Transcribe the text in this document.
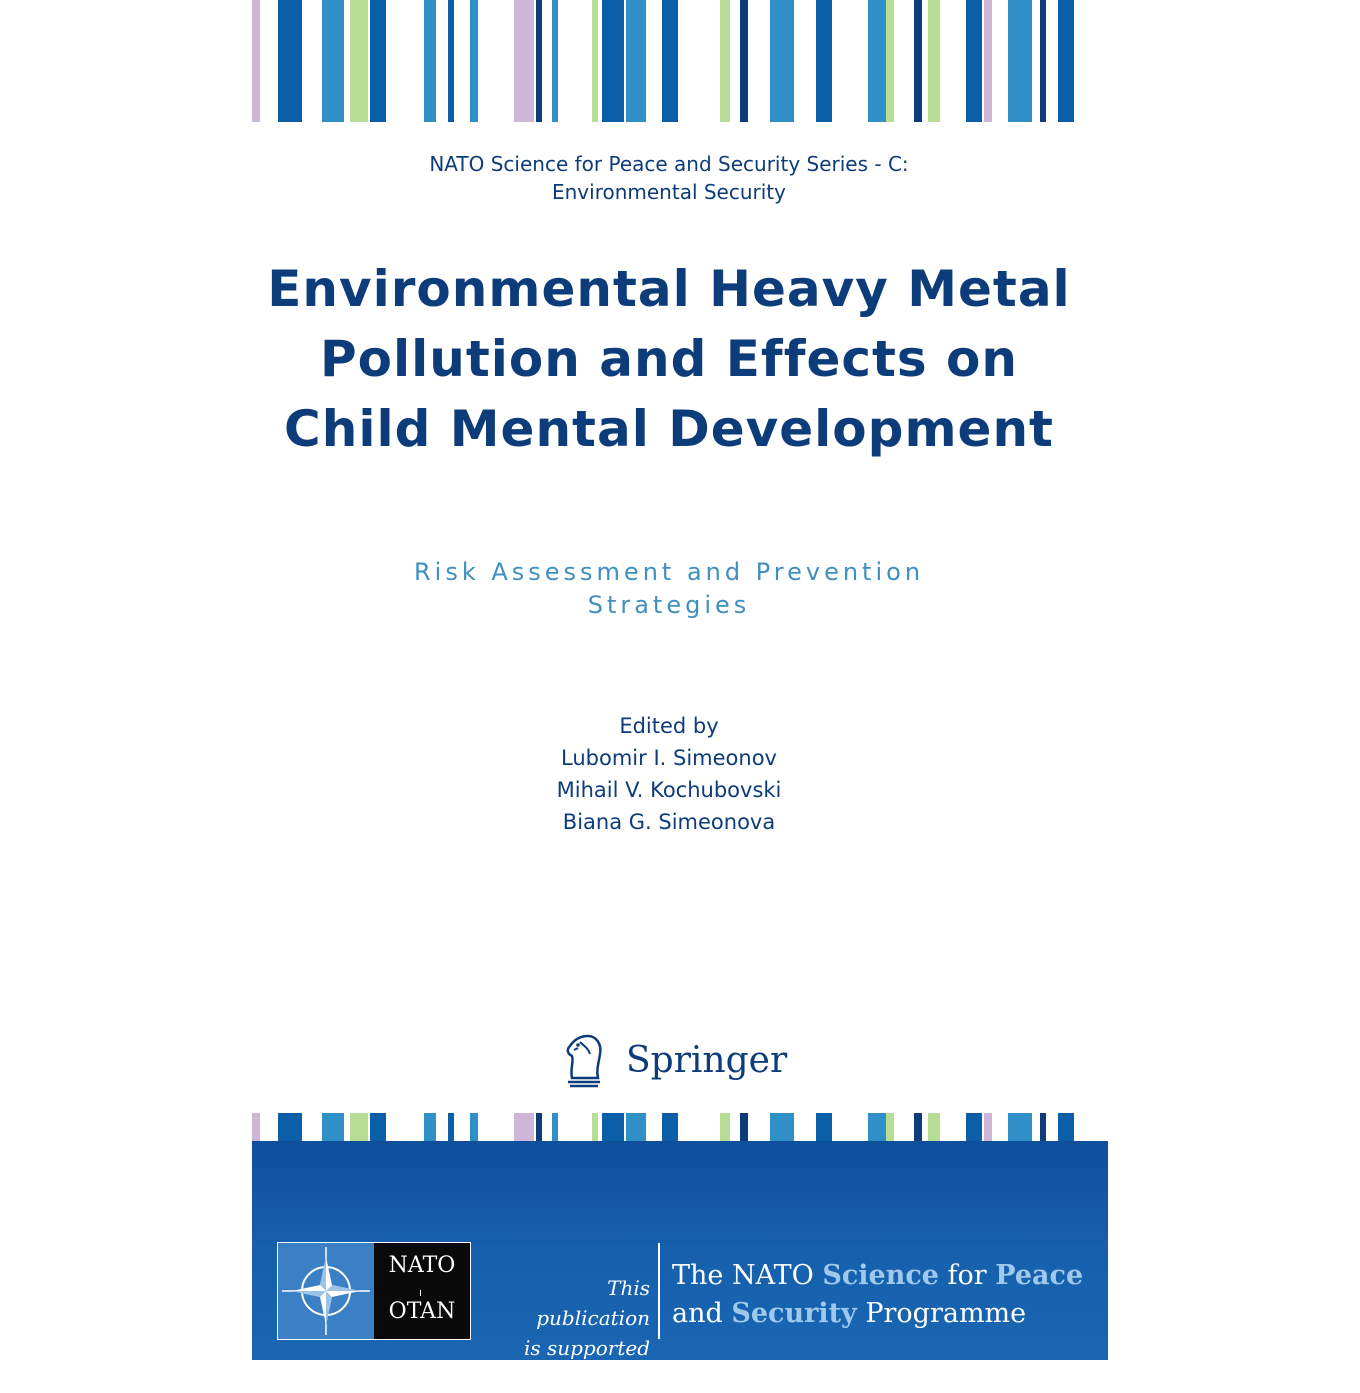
NATO Science for Peace and Security Series - C:
Environmental Security
Environmental Heavy Metal
Pollution and Effects on
Child Mental Development
Risk Assessment and Prevention
Strategies
Edited by
Lubomir I. Simeonov
Mihail V. Kochubovski
Biana G. Simeonova
Springer
NATO
OTAN
This publication
is supported by:
The NATO Science for Peace
and Security Programme
